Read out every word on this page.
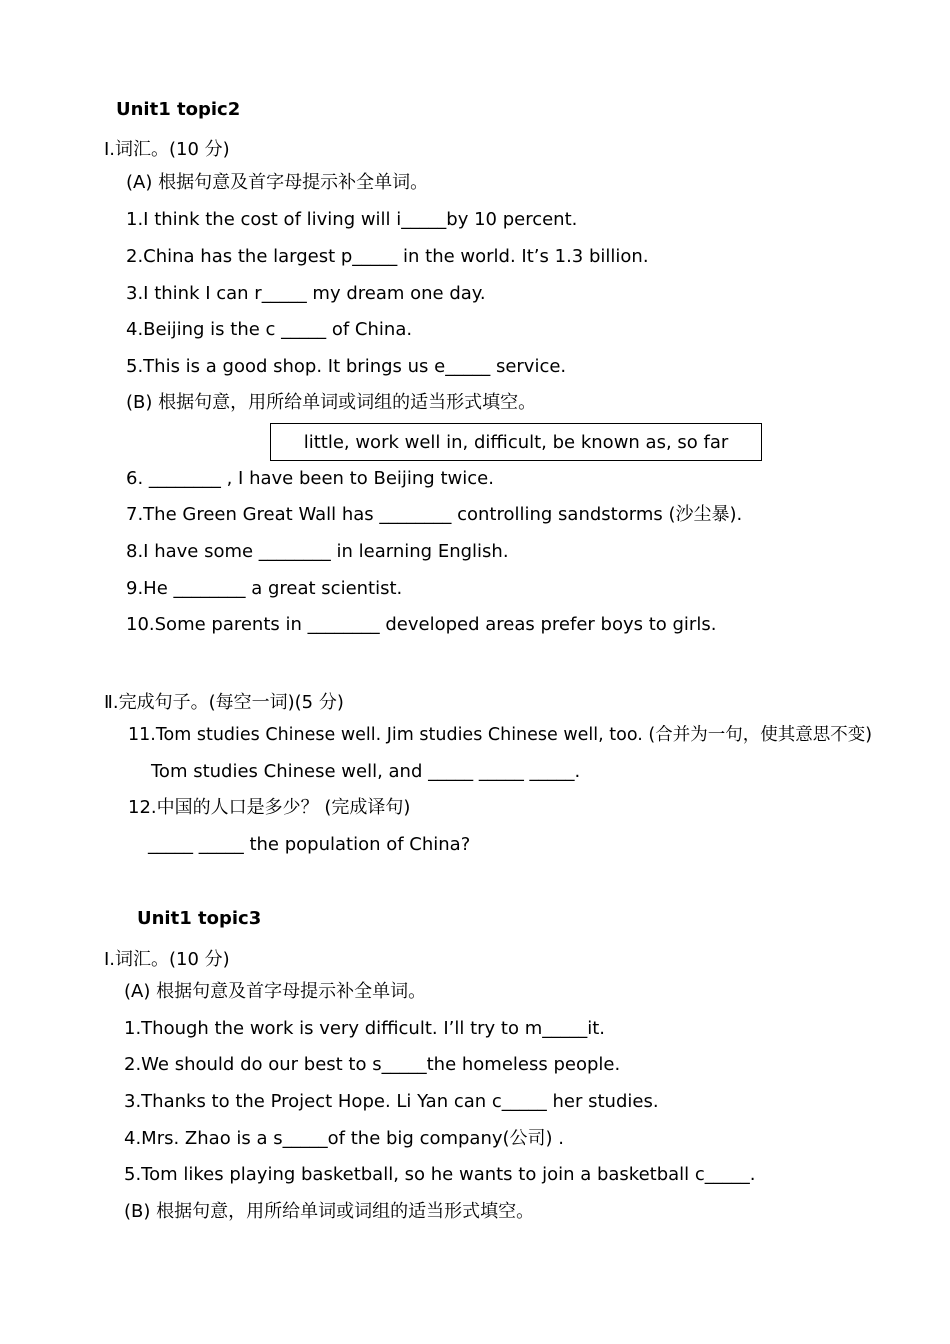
Unit1 topic2
Ⅰ.词汇。(10 分)
(A) 根据句意及首字母提示补全单词。
1.I think the cost of living will i_____by 10 percent.
2.China has the largest p_____ in the world. It’s 1.3 billion.
3.I think I can r_____ my dream one day.
4.Beijing is the c _____ of China.
5.This is a good shop. It brings us e_____ service.
(B) 根据句意，用所给单词或词组的适当形式填空。
little, work well in, difficult, be known as, so far
6. ________ , I have been to Beijing twice.
7.The Green Great Wall has ________ controlling sandstorms (沙尘暴).
8.I have some ________ in learning English.
9.He ________ a great scientist.
10.Some parents in ________ developed areas prefer boys to girls.
Ⅱ.完成句子。(每空一词)(5 分)
11.Tom studies Chinese well. Jim studies Chinese well, too. (合并为一句，使其意思不变)
Tom studies Chinese well, and _____ _____ _____.
12.中国的人口是多少？ (完成译句)
_____ _____ the population of China?
Unit1 topic3
Ⅰ.词汇。(10 分)
(A) 根据句意及首字母提示补全单词。
1.Though the work is very difficult. I’ll try to m_____it.
2.We should do our best to s_____the homeless people.
3.Thanks to the Project Hope. Li Yan can c_____ her studies.
4.Mrs. Zhao is a s_____of the big company(公司) .
5.Tom likes playing basketball, so he wants to join a basketball c_____.
(B) 根据句意，用所给单词或词组的适当形式填空。
